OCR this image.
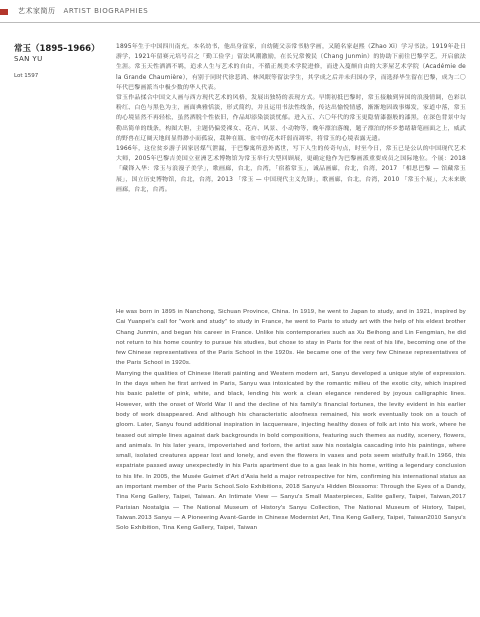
艺术家简历 ARTIST BIOGRAPHIES
常玉（1895–1966）
SAN YU
Lot 1597

1895年生于中国四川南充，本名幼书，他出身富家，自幼随父亲常书舫学画，又随名家赵熙（Zhao Xi）学习书法。1919年赴日游学，1921年留赛元培号召之「勤工俭学」留法风潮激励，在长兄常俊民（Chang Junmin）的协助下前往巴黎学艺，开启旅法生涯。常玉天性洒洒不羁，追求人生与艺术的自由，不循正规美术学院进修，而进入蔓颇自由的大茅屋艺术学院（Académie de la Grande Chaumière），有别于同时代徐悲鸿、林风眠等留法学生，其学成之后并未归国办学，而选择毕生留在巴黎，成为二〇年代巴黎画派当中极少数的华人代表。

常玉作品揉合中国文人画与西方现代艺术的风格，发展出独特的表现方式。早期初抵巴黎时，常玉接触到异国的浪漫情调，色彩以粉红、白色与黑色为主，画面典雅恬淡，形式简约，并且运用书法性线条，传达出愉悦情感，渐渐地因战事爆发，家道中落，常玉的心境显然不再轻松，虽然洒脱个性依旧，作品却添染淡淡忧郁。进入五、六〇年代的常玉更隐情漆器般的漆黑，在深色背景中勾勒出简单的线条，构图大胆，主题仍偏爱裸女、花卉、风景、小动物等，晚年漂泊落魄，题子漂泊的怀乡愁绪藉笔画面之上，威武的野兽在辽阔天地间显得渺小而孤寂，栽种在瓶、盆中的花木纤弱而凋零，将常玉的心境表露无遗。

1966年，这位贫乡游子因家居煤气泄漏，于巴黎寓所意外离世，写下人生的传奇句点，时至今日，常玉已是公认的中国现代艺术大师，2005年巴黎吉美国立亚洲艺术博物馆为常玉举行大型回顾展，更确定他作为巴黎画派重要成员之国际地位。个展：2018 「藏锋入华：常玉与浪漫子美学」，歌画廊，台北，台湾，「宿蓄常玉」，诚品画廊，台北，台湾，2017 「相思巴黎 — 馆藏常玉展」，国立历史博物馆，台北，台湾，2013 「常玉 — 中国现代主义先锋」，歌画廊，台北，台湾，2010 「常玉个展」，大未来耿画廊，台北，台湾。

He was born in 1895 in Nanchong, Sichuan Province, China. In 1919, he went to Japan to study, and in 1921, inspired by Cai Yuanpei's call for "work and study" to study in France, he went to Paris to study art with the help of his eldest brother Chang Junmin, and began his career in France. Unlike his contemporaries such as Xu Beihong and Lin Fengmian, he did not return to his home country to pursue his studies, but chose to stay in Paris for the rest of his life, becoming one of the few Chinese representatives of the Paris School in the 1920s. He became one of the very few Chinese representatives of the Paris School in 1920s.

Marrying the qualities of Chinese literati painting and Western modern art, Sanyu developed a unique style of expression. In the days when he first arrived in Paris, Sanyu was intoxicated by the romantic milieu of the exotic city, which inspired his basic palette of pink, white, and black, lending his work a clean elegance rendered by joyous calligraphic lines. However, with the onset of World War II and the decline of his family's financial fortunes, the levity evident in his earlier body of work disappeared. And although his characteristic aloofness remained, his work eventually took on a touch of gloom. Later, Sanyu found additional inspiration in lacquerware, injecting healthy doses of folk art into his work, where he teased out simple lines against dark backgrounds in bold compositions, featuring such themes as nudity, scenery, flowers, and animals. In his later years, impoverished and forlorn, the artist saw his nostalgia cascading into his paintings, where small, isolated creatures appear lost and lonely, and even the flowers in vases and pots seem wistfully frail.In 1966, this expatriate passed away unexpectedly in his Paris apartment due to a gas leak in his home, writing a legendary conclusion to his life. In 2005, the Musée Guimet d'Art d'Asia held a major retrospective for him, confirming his international status as an important member of the Paris School.Solo Exhibitions, 2018 Sanyu's Hidden Blossoms: Through the Eyes of a Dandy, Tina Keng Gallery, Taipei, Taiwan. An Intimate View — Sanyu's Small Masterpieces, Eslite gallery, Taipei, Taiwan,2017 Parisian Nostalgia — The National Museum of History's Sanyu Collection, The National Museum of History, Taipei, Taiwan.2013 Sanyu — A Pioneering Avant-Garde in Chinese Modernist Art, Tina Keng Gallery, Taipei, Taiwan2010 Sanyu's Solo Exhibition, Tina Keng Gallery, Taipei, Taiwan
